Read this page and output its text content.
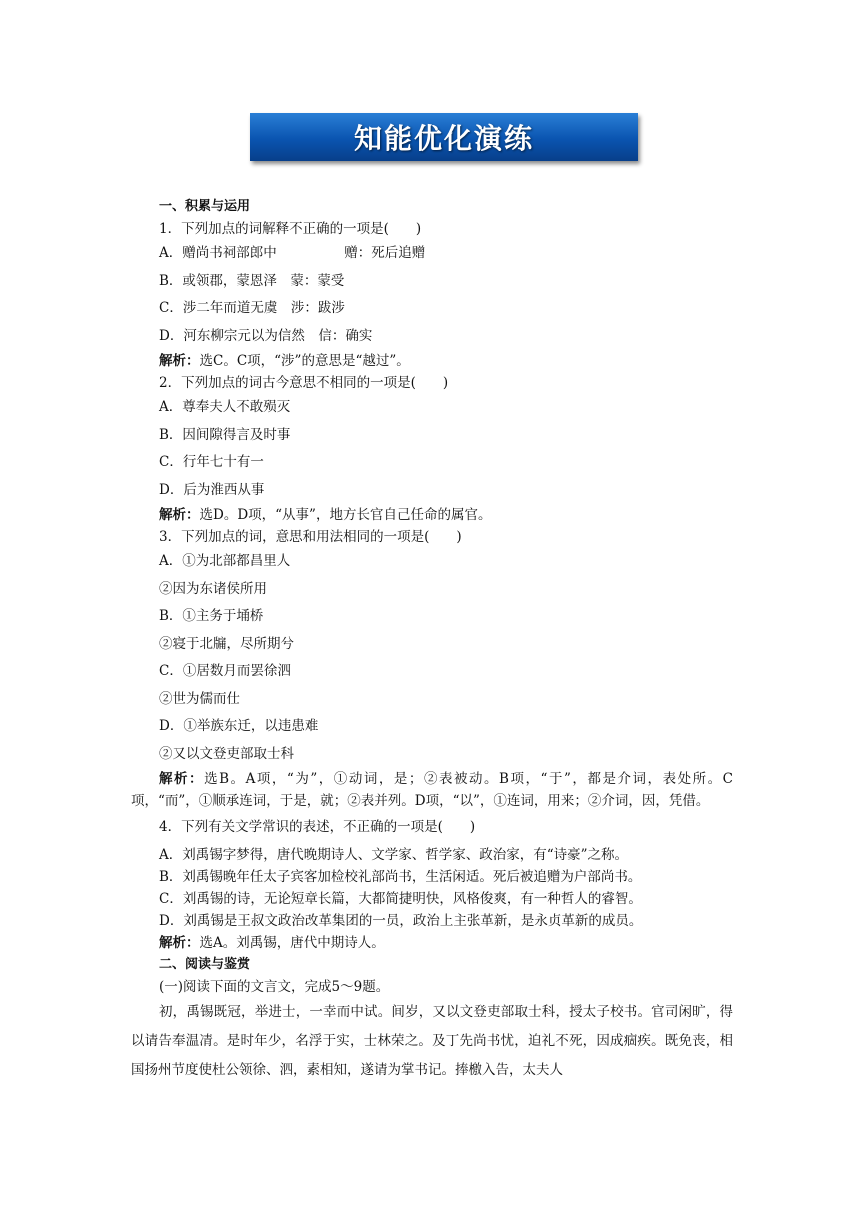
知能优化演练
一、积累与运用
1．下列加点的词解释不正确的一项是(　　)
A．赠尚书祠部郎中　　　　　赠：死后追赠
B．或领郡，蒙恩泽　蒙：蒙受
C．涉二年而道无虞　涉：跋涉
D．河东柳宗元以为信然　信：确实
解析：选C。C项，“涉”的意思是“越过”。
2．下列加点的词古今意思不相同的一项是(　　)
A．尊奉夫人不敢殒灭
B．因间隙得言及时事
C．行年七十有一
D．后为淮西从事
解析：选D。D项，“从事”，地方长官自己任命的属官。
3．下列加点的词，意思和用法相同的一项是(　　)
A．①为北部都昌里人
②因为东诸侯所用
B．①主务于埇桥
②寝于北牖，尽所期兮
C．①居数月而罢徐泗
②世为儒而仕
D．①举族东迁，以违患难
②又以文登吏部取士科
解析：选B。A项，“为”，①动词，是；②表被动。B项，“于”，都是介词，表处所。C项，“而”，①顺承连词，于是，就；②表并列。D项，“以”，①连词，用来；②介词，因，凭借。
4．下列有关文学常识的表述，不正确的一项是(　　)
A．刘禹锡字梦得，唐代晚期诗人、文学家、哲学家、政治家，有“诗豪”之称。
B．刘禹锡晚年任太子宾客加检校礼部尚书，生活闲适。死后被追赠为户部尚书。
C．刘禹锡的诗，无论短章长篇，大都简捷明快，风格俊爽，有一种哲人的睿智。
D．刘禹锡是王叔文政治改革集团的一员，政治上主张革新，是永贞革新的成员。
解析：选A。刘禹锡，唐代中期诗人。
二、阅读与鉴赏
(一)阅读下面的文言文，完成5～9题。
初，禹锡既冠，举进士，一幸而中试。间岁，又以文登吏部取士科，授太子校书。官司闲旷，得以请告奉温凊。是时年少，名浮于实，士林荣之。及丁先尚书忧，迫礼不死，因成痼疾。既免丧，相国扬州节度使杜公领徐、泗，素相知，遂请为掌书记。捧檄入告，太夫人
